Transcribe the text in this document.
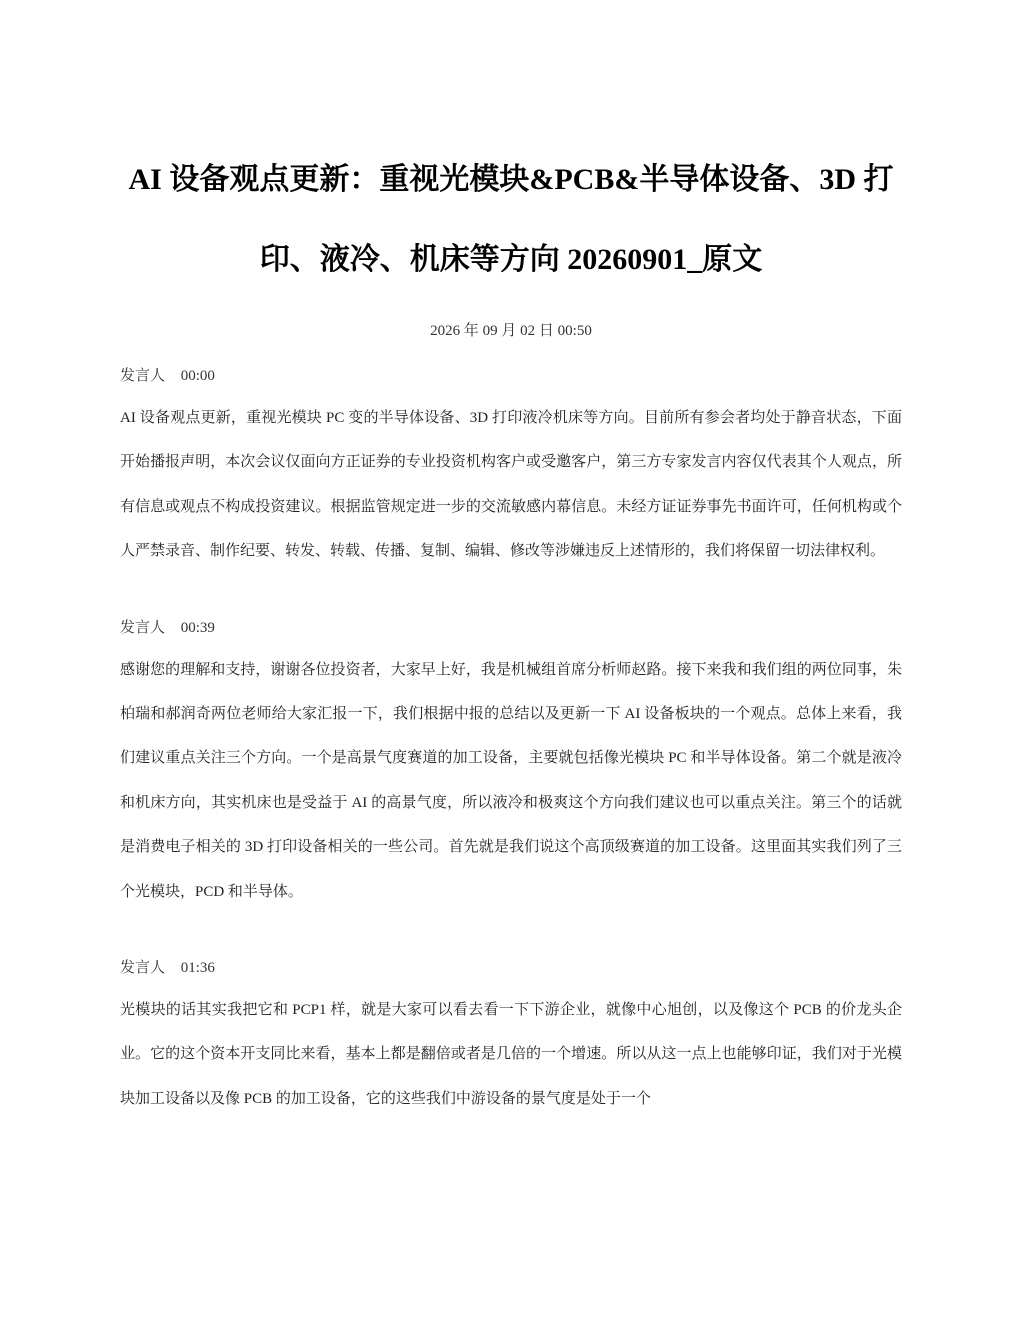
AI 设备观点更新：重视光模块&PCB&半导体设备、3D 打印、液冷、机床等方向 20260901_原文
2026 年 09 月 02 日 00:50
发言人 00:00

AI 设备观点更新，重视光模块 PC 变的半导体设备、3D 打印液冷机床等方向。目前所有参会者均处于静音状态，下面开始播报声明，本次会议仅面向方正证券的专业投资机构客户或受邀客户，第三方专家发言内容仅代表其个人观点，所有信息或观点不构成投资建议。根据监管规定进一步的交流敏感内幕信息。未经方证证券事先书面许可，任何机构或个人严禁录音、制作纪要、转发、转载、传播、复制、编辑、修改等涉嫌违反上述情形的，我们将保留一切法律权利。

发言人 00:39

感谢您的理解和支持，谢谢各位投资者，大家早上好，我是机械组首席分析师赵路。接下来我和我们组的两位同事，朱柏瑞和郝润奇两位老师给大家汇报一下，我们根据中报的总结以及更新一下 AI 设备板块的一个观点。总体上来看，我们建议重点关注三个方向。一个是高景气度赛道的加工设备，主要就包括像光模块 PC 和半导体设备。第二个就是液冷和机床方向，其实机床也是受益于 AI 的高景气度，所以液冷和极爽这个方向我们建议也可以重点关注。第三个的话就是消费电子相关的 3D 打印设备相关的一些公司。首先就是我们说这个高顶级赛道的加工设备。这里面其实我们列了三个光模块，PCD 和半导体。

发言人 01:36

光模块的话其实我把它和 PCP1 样，就是大家可以看去看一下下游企业，就像中心旭创，以及像这个 PCB 的价龙头企业。它的这个资本开支同比来看，基本上都是翻倍或者是几倍的一个增速。所以从这一点上也能够印证，我们对于光模块加工设备以及像 PCB 的加工设备，它的这些我们中游设备的景气度是处于一个
